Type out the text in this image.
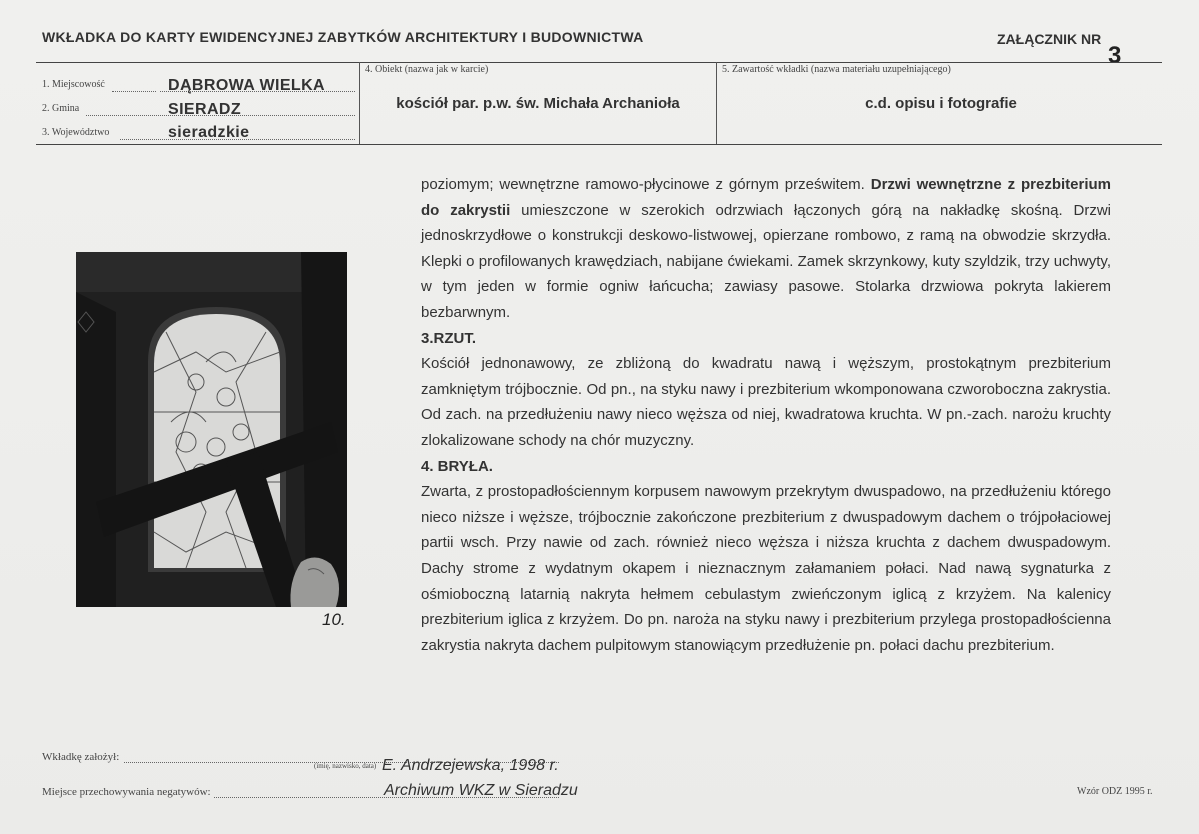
WKŁADKA DO KARTY EWIDENCYJNEJ ZABYTKÓW ARCHITEKTURY I BUDOWNICTWA	ZAŁĄCZNIK NR
3
1. Miejscowość	DĄBROWA WIELKA
2. Gmina	SIERADZ
3. Województwo	sieradzkie
4. Obiekt (nazwa jak w karcie)
kościół par. p.w. św. Michała Archanioła
5. Zawartość wkładki (nazwa materiału uzupełniającego)
c.d. opisu i fotografie
10.

poziomym; wewnętrzne ramowo-płycinowe z górnym prześwitem. Drzwi wewnętrzne z prezbiterium do zakrystii umieszczone w szerokich odrzwiach łączonych górą na nakładkę skośną. Drzwi jednoskrzydłowe o konstrukcji deskowo-listwowej, opierzane rombowo, z ramą na obwodzie skrzydła. Klepki o profilowanych krawędziach, nabijane ćwiekami. Zamek skrzynkowy, kuty szyldzik, trzy uchwyty, w tym jeden w formie ogniw łańcucha; zawiasy pasowe. Stolarka drzwiowa pokryta lakierem bezbarwnym.

3.RZUT.

Kościół jednonawowy, ze zbliżoną do kwadratu nawą i węższym, prostokątnym prezbiterium zamkniętym trójbocznie. Od pn., na styku nawy i prezbiterium wkomponowana czworoboczna zakrystia. Od zach. na przedłużeniu nawy nieco węższa od niej, kwadratowa kruchta. W pn.-zach. narożu kruchty zlokalizowane schody na chór muzyczny.

4. BRYŁA.

Zwarta, z prostopadłościennym korpusem nawowym przekrytym dwuspadowo, na przedłużeniu którego nieco niższe i węższe, trójbocznie zakończone prezbiterium z dwuspadowym dachem o trójpołaciowej partii wsch. Przy nawie od zach. również nieco węższa i niższa kruchta z dachem dwuspadowym. Dachy strome z wydatnym okapem i nieznacznym załamaniem połaci. Nad nawą sygnaturka z ośmioboczną latarnią nakryta hełmem cebulastym zwieńczonym iglicą z krzyżem. Na kalenicy prezbiterium iglica z krzyżem. Do pn. naroża na styku nawy i prezbiterium przylega prostopadłościenna zakrystia nakryta dachem pulpitowym stanowiącym przedłużenie pn. połaci dachu prezbiterium.

Wkładkę założył:
(imię, nazwisko, data) E. Andrzejewska, 1998 r.
Miejsce przechowywania negatywów:	Archiwum WKZ w Sieradzu	Wzór ODZ 1995 r.
